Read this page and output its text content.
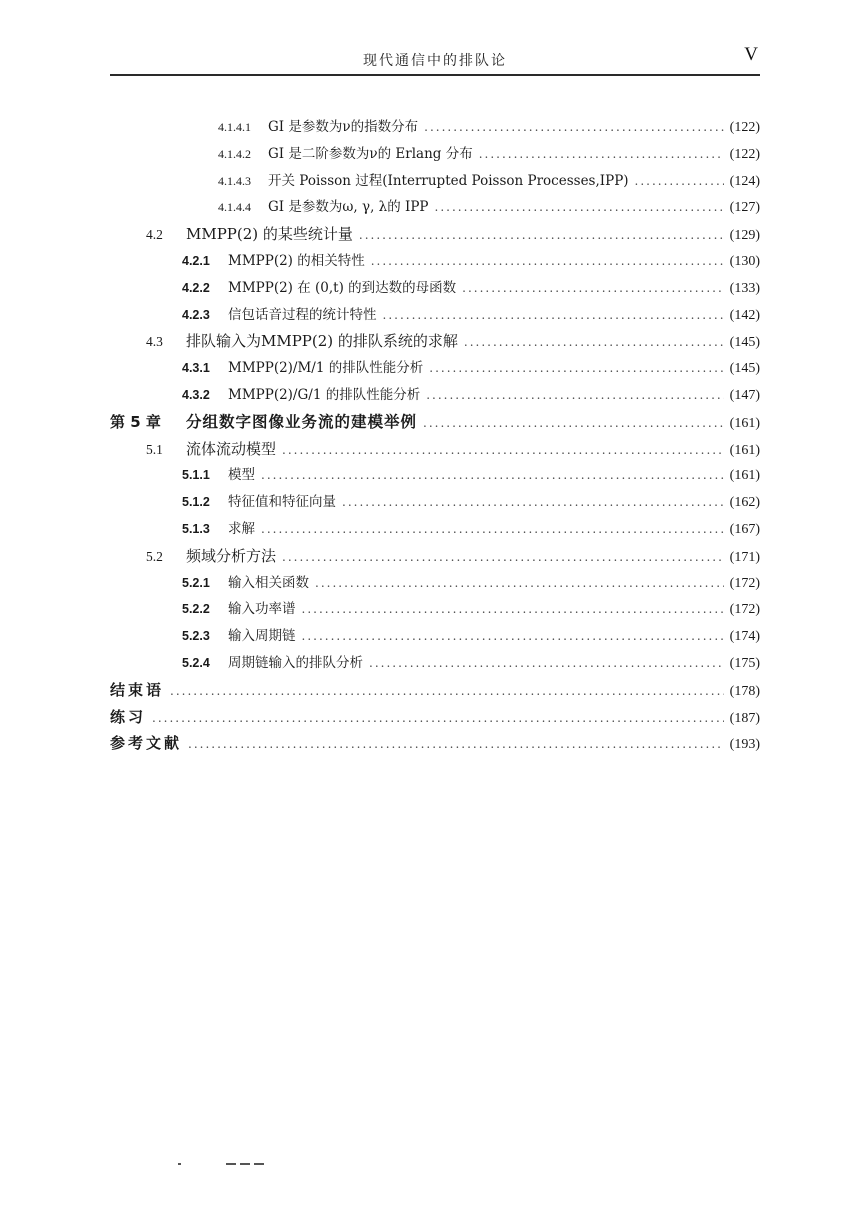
现代通信中的排队论	V
4.1.4.1	GI 是参数为ν的指数分布 .....	(122)
4.1.4.2	GI 是二阶参数为ν的 Erlang 分布 .....	(122)
4.1.4.3	开关 Poisson 过程(Interrupted Poisson Processes,IPP) .....	(124)
4.1.4.4	GI 是参数为ω, γ, λ的 IPP .....	(127)
4.2	MMPP(2) 的某些统计量 .....	(129)
4.2.1	MMPP(2) 的相关特性 .....	(130)
4.2.2	MMPP(2) 在 (0,t) 的到达数的母函数 .....	(133)
4.2.3	信包话音过程的统计特性 .....	(142)
4.3	排队输入为MMPP(2) 的排队系统的求解 .....	(145)
4.3.1	MMPP(2)/M/1 的排队性能分析 .....	(145)
4.3.2	MMPP(2)/G/1 的排队性能分析 .....	(147)
第 5 章	分组数字图像业务流的建模举例 .....	(161)
5.1	流体流动模型 .....	(161)
5.1.1	模型 .....	(161)
5.1.2	特征值和特征向量 .....	(162)
5.1.3	求解 .....	(167)
5.2	频域分析方法 .....	(171)
5.2.1	输入相关函数 .....	(172)
5.2.2	输入功率谱 .....	(172)
5.2.3	输入周期链 .....	(174)
5.2.4	周期链输入的排队分析 .....	(175)
结束语 .....	(178)
练习 .....	(187)
参考文献 .....	(193)
